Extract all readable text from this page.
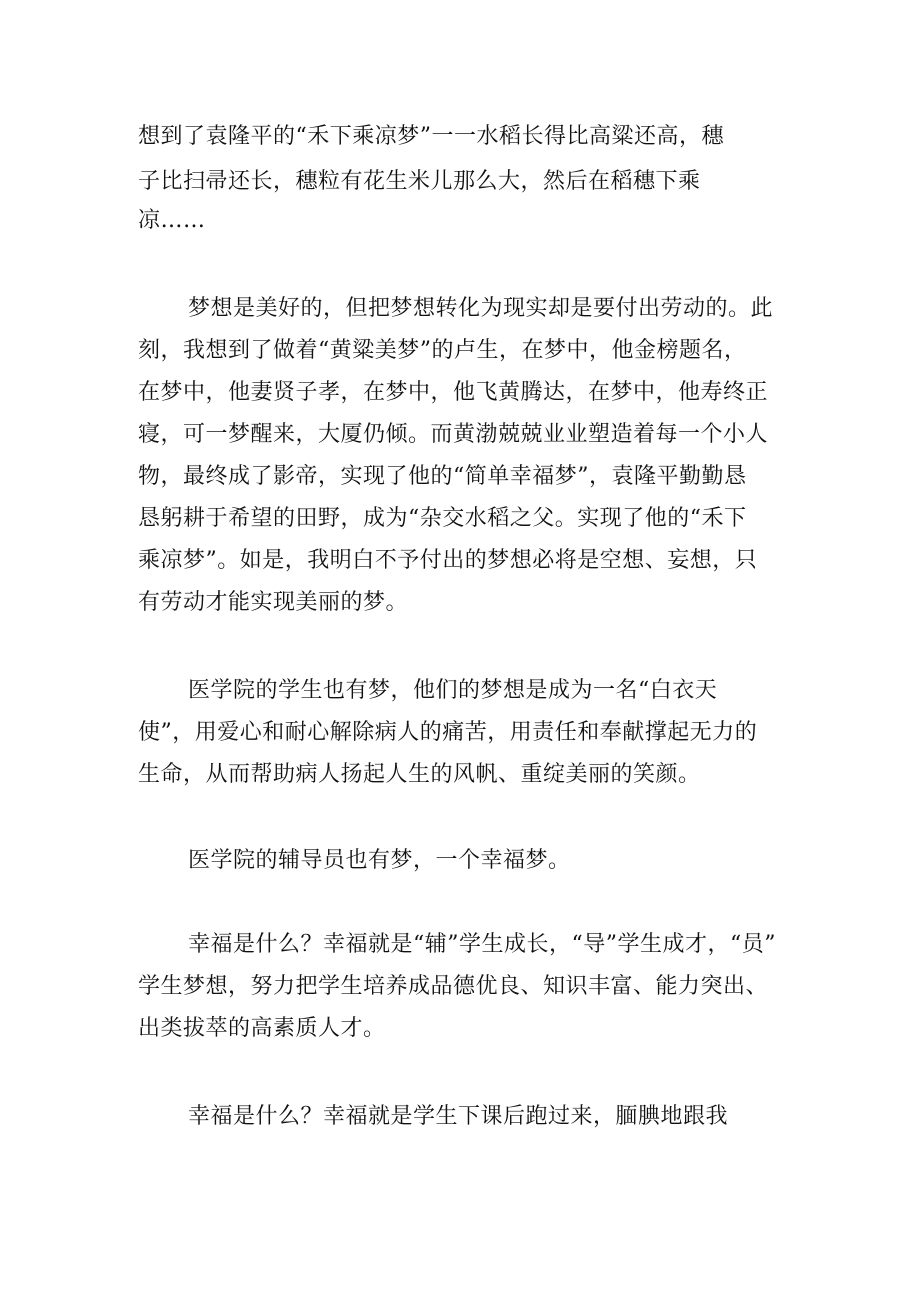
想到了袁隆平的“禾下乘凉梦”一一水稻长得比高粱还高，穗
子比扫帚还长，穗粒有花生米儿那么大，然后在稻穗下乘
凉……
梦想是美好的，但把梦想转化为现实却是要付出劳动的。此
刻，我想到了做着“黄粱美梦”的卢生，在梦中，他金榜题名，
在梦中，他妻贤子孝，在梦中，他飞黄腾达，在梦中，他寿终正
寝，可一梦醒来，大厦仍倾。而黄渤兢兢业业塑造着每一个小人
物，最终成了影帝，实现了他的“简单幸福梦”，袁隆平勤勤恳
恳躬耕于希望的田野，成为“杂交水稻之父。实现了他的“禾下
乘凉梦”。如是，我明白不予付出的梦想必将是空想、妄想，只
有劳动才能实现美丽的梦。
医学院的学生也有梦，他们的梦想是成为一名“白衣天
使”，用爱心和耐心解除病人的痛苦，用责任和奉献撑起无力的
生命，从而帮助病人扬起人生的风帆、重绽美丽的笑颜。
医学院的辅导员也有梦，一个幸福梦。
幸福是什么？幸福就是“辅”学生成长，“导”学生成才，“员”
学生梦想，努力把学生培养成品德优良、知识丰富、能力突出、
出类拔萃的高素质人才。
幸福是什么？幸福就是学生下课后跑过来，腼腆地跟我
